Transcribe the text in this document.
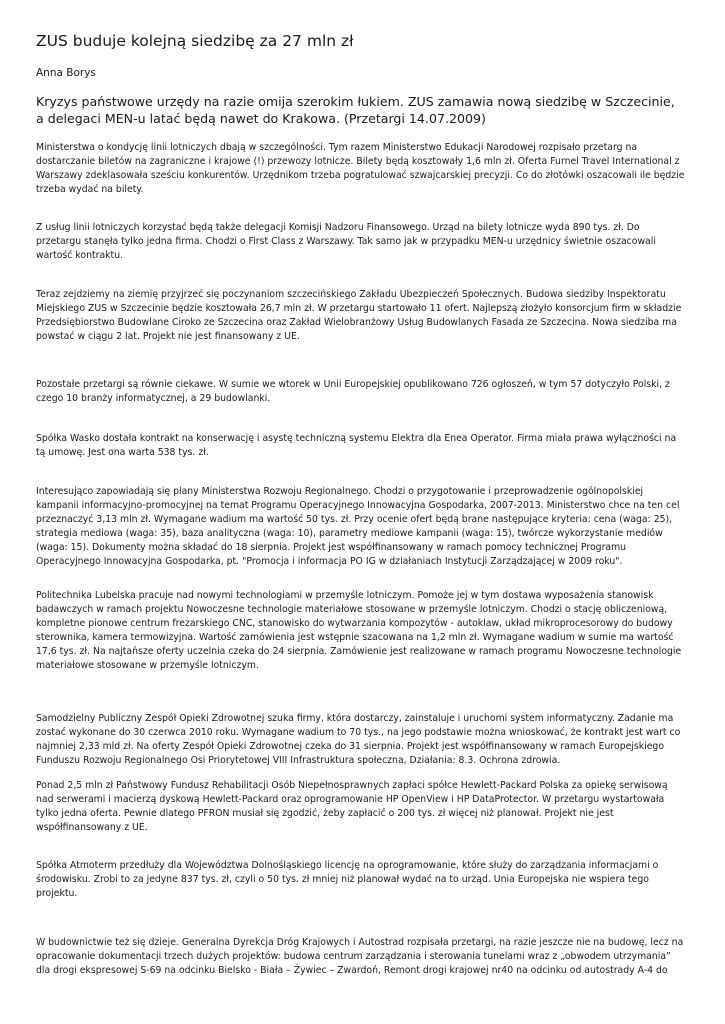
ZUS buduje kolejną siedzibę za 27 mln zł
Anna Borys
Kryzys państwowe urzędy na razie omija szerokim łukiem. ZUS zamawia nową siedzibę w Szczecinie, a delegaci MEN-u latać będą nawet do Krakowa. (Przetargi 14.07.2009)
Ministerstwa o kondycję linii lotniczych dbają w szczególności. Tym razem Ministerstwo Edukacji Narodowej rozpisało przetarg na dostarczanie biletów na zagraniczne i krajowe (!) przewozy lotnicze. Bilety będą kosztowały 1,6 mln zł. Oferta Furnel Travel International z Warszawy zdeklasowała sześciu konkurentów. Urzędnikom trzeba pogratulować szwajcarskiej precyzji. Co do złotówki oszacowali ile będzie trzeba wydać na bilety.
Z usług linii lotniczych korzystać będą także delegacji Komisji Nadzoru Finansowego. Urząd na bilety lotnicze wyda 890 tys. zł. Do przetargu stanęła tylko jedna firma. Chodzi o First Class z Warszawy. Tak samo jak w przypadku MEN-u urzędnicy świetnie oszacowali wartość kontraktu.
Teraz zejdziemy na ziemię przyjrzeć się poczynaniom szczecińskiego Zakładu Ubezpieczeń Społecznych. Budowa siedziby Inspektoratu Miejskiego ZUS w Szczecinie będzie kosztowała 26,7 mln zł. W przetargu startowało 11 ofert. Najlepszą złożyło konsorcjum firm w składzie Przedsiębiorstwo Budowlane Ciroko ze Szczecina oraz Zakład Wielobranżowy Usług Budowlanych Fasada ze Szczecina. Nowa siedziba ma powstać w ciągu 2 lat. Projekt nie jest finansowany z UE.
Pozostałe przetargi są równie ciekawe. W sumie we wtorek w Unii Europejskiej opublikowano 726 ogłoszeń, w tym 57 dotyczyło Polski, z czego 10 branży informatycznej, a 29 budowlanki.
Spółka Wasko dostała kontrakt na konserwację i asystę techniczną systemu Elektra dla Enea Operator. Firma miała prawa wyłączności na tą umowę. Jest ona warta 538 tys. zł.
Interesująco zapowiadają się plany Ministerstwa Rozwoju Regionalnego. Chodzi o przygotowanie i przeprowadzenie ogólnopolskiej kampanii informacyjno-promocyjnej na temat Programu Operacyjnego Innowacyjna Gospodarka, 2007-2013. Ministerstwo chce na ten cel przeznaczyć 3,13 mln zł. Wymagane wadium ma wartość 50 tys. zł. Przy ocenie ofert będą brane następujące kryteria: cena (waga: 25), strategia mediowa (waga: 35), baza analityczna (waga: 10), parametry mediowe kampanii (waga: 15), twórcze wykorzystanie mediów (waga: 15). Dokumenty można składać do 18 sierpnia. Projekt jest współfinansowany w ramach pomocy technicznej Programu Operacyjnego Innowacyjna Gospodarka, pt. "Promocja i informacja PO IG w działaniach Instytucji Zarządzającej w 2009 roku".
Politechnika Lubelska pracuje nad nowymi technologiami w przemyśle lotniczym. Pomoże jej w tym dostawa wyposażenia stanowisk badawczych w ramach projektu Nowoczesne technologie materiałowe stosowane w przemyśle lotniczym. Chodzi o stację obliczeniową, kompletne pionowe centrum frezarskiego CNC, stanowisko do wytwarzania kompozytów - autoklaw, układ mikroprocesorowy do budowy sterownika, kamera termowizyjna. Wartość zamówienia jest wstępnie szacowana na 1,2 mln zł. Wymagane wadium w sumie ma wartość 17,6 tys. zł. Na najtańsze oferty uczelnia czeka do 24 sierpnia. Zamówienie jest realizowane w ramach programu Nowoczesne technologie materiałowe stosowane w przemyśle lotniczym.
Samodzielny Publiczny Zespół Opieki Zdrowotnej szuka firmy, która dostarczy, zainstaluje i uruchomi system informatyczny. Zadanie ma zostać wykonane do 30 czerwca 2010 roku. Wymagane wadium to 70 tys., na jego podstawie można wnioskować, że kontrakt jest wart co najmniej 2,33 mld zł. Na oferty Zespół Opieki Zdrowotnej czeka do 31 sierpnia. Projekt jest współfinansowany w ramach Europejskiego Funduszu Rozwoju Regionalnego Osi Priorytetowej VIII Infrastruktura społeczna, Działania: 8.3. Ochrona zdrowia.
Ponad 2,5 mln zł Państwowy Fundusz Rehabilitacji Osób Niepełnosprawnych zapłaci spółce Hewlett-Packard Polska za opiekę serwisową nad serwerami i macierzą dyskową Hewlett-Packard oraz oprogramowanie HP OpenView i HP DataProtector. W przetargu wystartowała tylko jedna oferta. Pewnie dlatego PFRON musiał się zgodzić, żeby zapłacić o 200 tys. zł więcej niż planował. Projekt nie jest współfinansowany z UE.
Spółka Atmoterm przedłuży dla Województwa Dolnośląskiego licencję na oprogramowanie, które służy do zarządzania informacjami o środowisku. Zrobi to za jedyne 837 tys. zł, czyli o 50 tys. zł mniej niż planował wydać na to urząd. Unia Europejska nie wspiera tego projektu.
W budownictwie też się dzieje. Generalna Dyrekcja Dróg Krajowych i Autostrad rozpisała przetargi, na razie jeszcze nie na budowę, lecz na opracowanie dokumentacji trzech dużych projektów: budowa centrum zarządzania i sterowania tunelami wraz z „obwodem utrzymania” dla drogi ekspresowej S-69 na odcinku Bielsko - Biała – Żywiec – Zwardoń, Remont drogi krajowej nr40 na odcinku od autostrady A-4 do
